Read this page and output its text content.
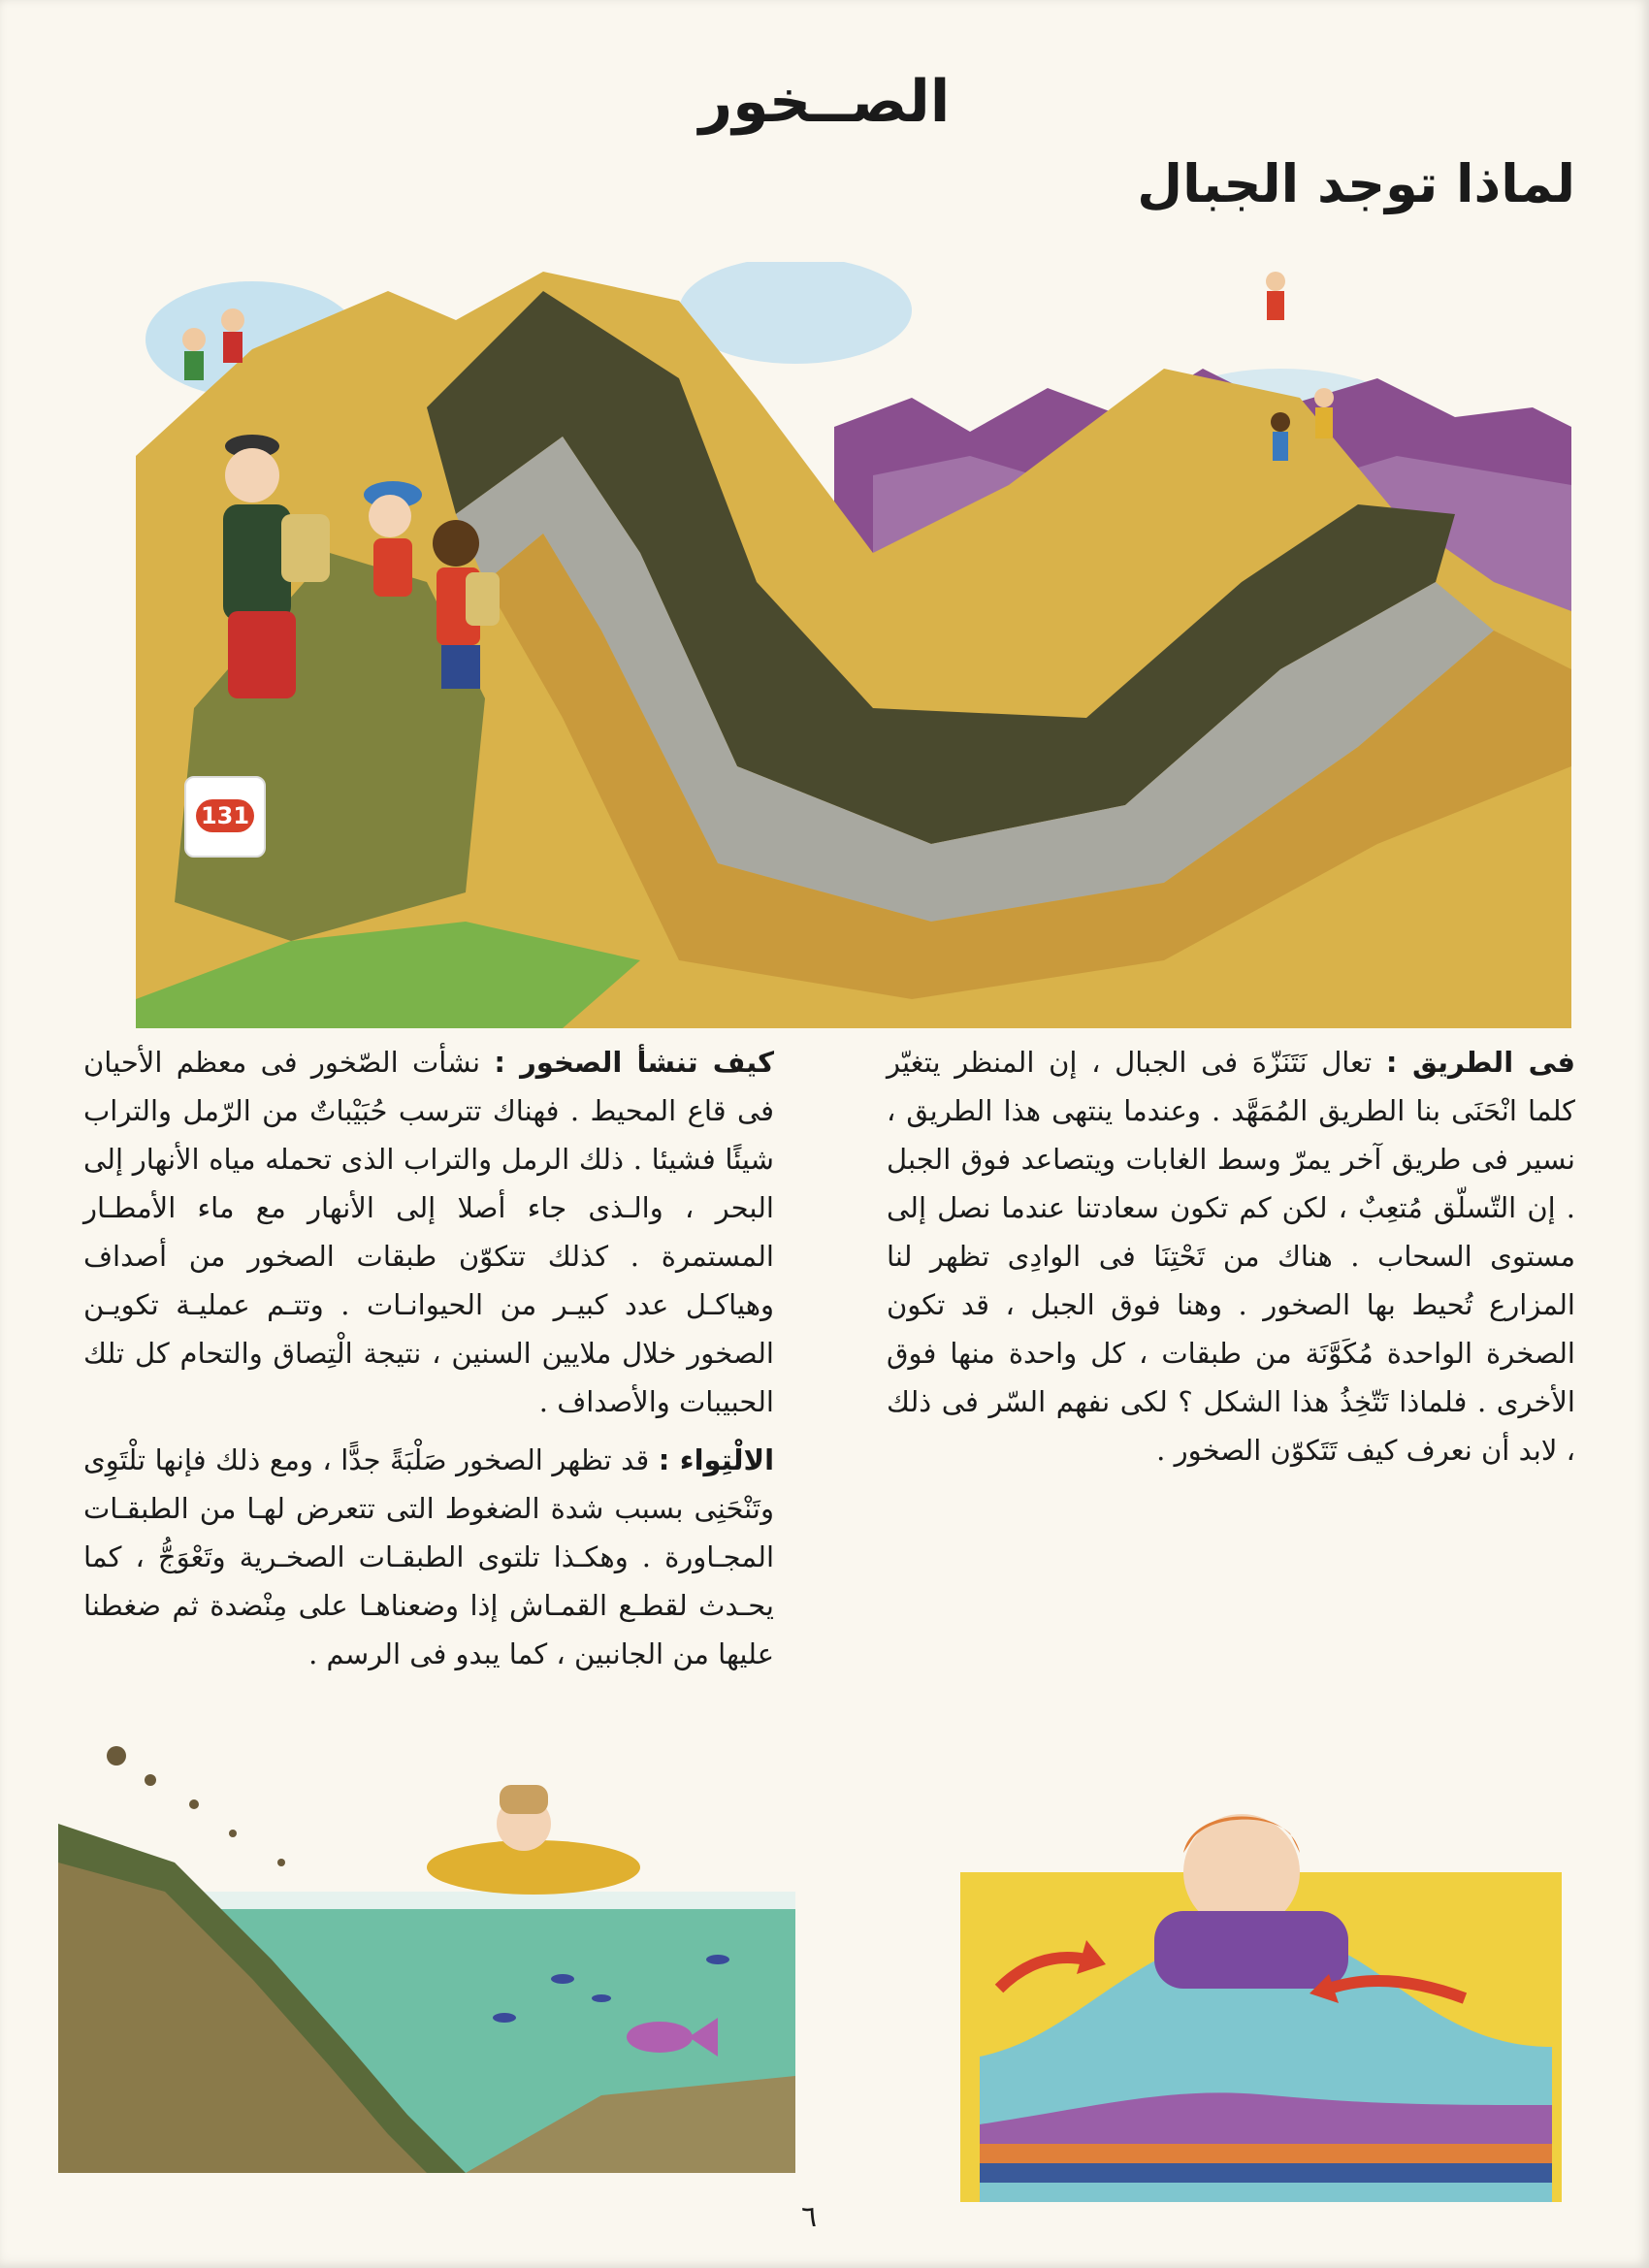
الصــخور
لماذا توجد الجبال
131

فى الطريق : تعال نَتَنَزّهَ فى الجبال ، إن المنظر يتغيّر كلما انْحَنَى بنا الطريق المُمَهَّد . وعندما ينتهى هذا الطريق ، نسير فى طريق آخر يمرّ وسط الغابات ويتصاعد فوق الجبل . إن التّسلّق مُتعِبٌ ، لكن كم تكون سعادتنا عندما نصل إلى مستوى السحاب . هناك من تَحْتِنَا فى الوادِى تظهر لنا المزارع تُحيط بها الصخور . وهنا فوق الجبل ، قد تكون الصخرة الواحدة مُكَوَّنَة من طبقات ، كل واحدة منها فوق الأخرى . فلماذا تَتّخِذُ هذا الشكل ؟ لكى نفهم السّر فى ذلك ، لابد أن نعرف كيف تَتَكوّن الصخور .

كيف تنشأ الصخور : نشأت الصّخور فى معظم الأحيان فى قاع المحيط . فهناك تترسب حُبَيْباتٌ من الرّمل والتراب شيئًا فشيئا . ذلك الرمل والتراب الذى تحمله مياه الأنهار إلى البحر ، والـذى جاء أصلا إلى الأنهار مع ماء الأمطـار المستمرة . كذلك تتكوّن طبقات الصخور من أصداف وهياكـل عدد كبيـر من الحيوانـات . وتتـم عمليـة تكويـن الصخور خلال ملايين السنين ، نتيجة الْتِصاق والتحام كل تلك الحبيبات والأصداف .

الالْتِواء : قد تظهر الصخور صَلْبَةً جدًّا ، ومع ذلك فإنها تلْتَوِى وتَنْحَنِى بسبب شدة الضغوط التى تتعرض لهـا من الطبقـات المجـاورة . وهكـذا تلتوى الطبقـات الصخـرية وتَعْوَجُّ ، كما يحـدث لقطـع القمـاش إذا وضعناهـا على مِنْضدة ثم ضغطنا عليها من الجانبين ، كما يبدو فى الرسم .

٦
